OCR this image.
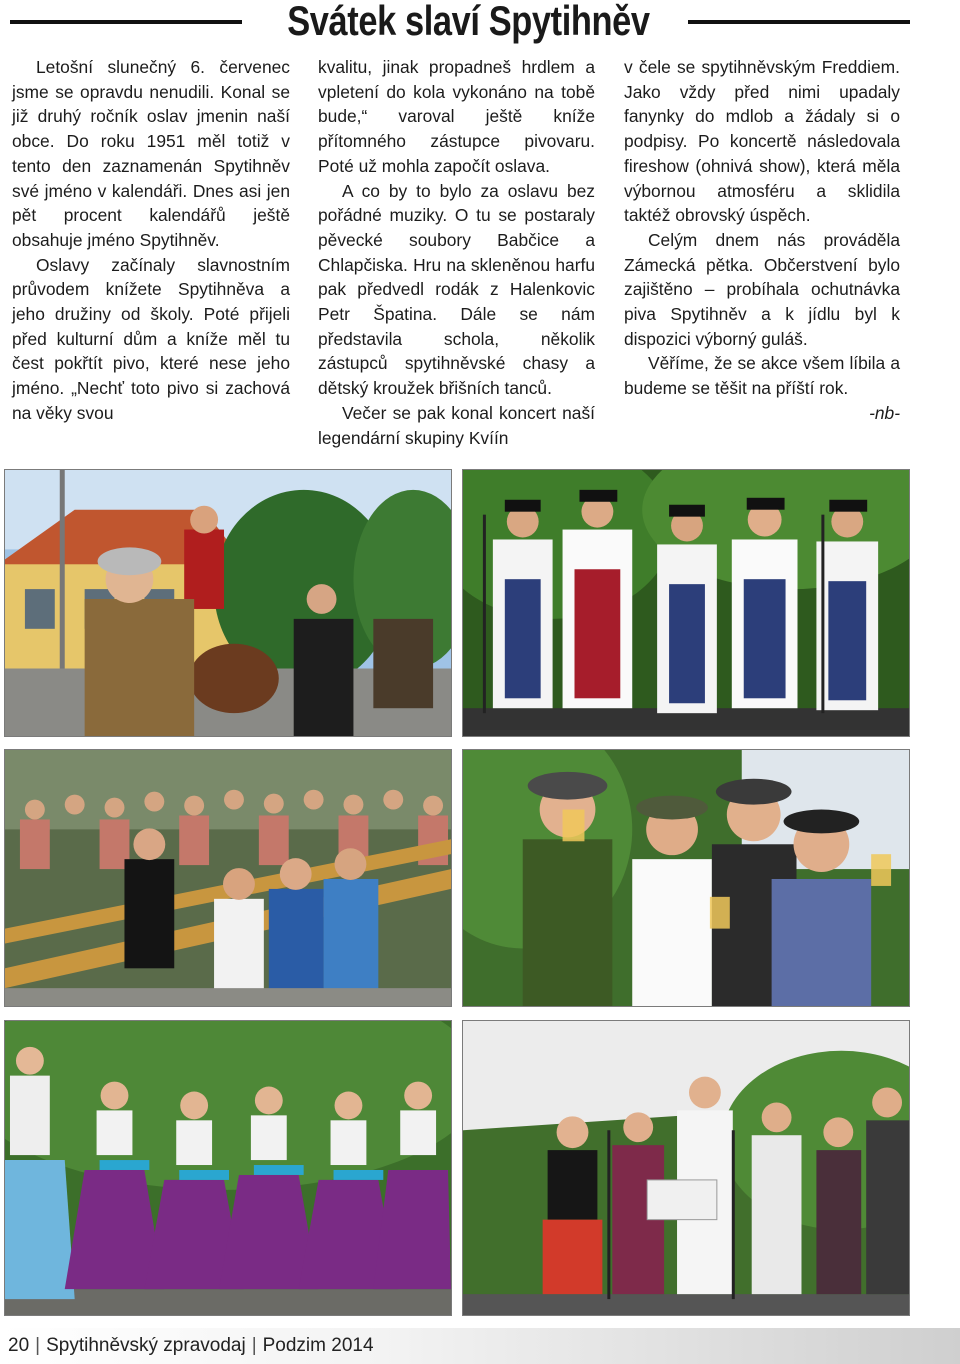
Svátek slaví Spytihněv

Letošní slunečný 6. červenec jsme se opravdu nenudili. Konal se již druhý ročník oslav jmenin naší obce. Do roku 1951 měl totiž v tento den zaznamenán Spytihněv své jméno v kalendáři. Dnes asi jen pět procent kalendářů ještě obsahuje jméno Spytihněv.

Oslavy začínaly slavnostním průvodem knížete Spytihněva a jeho družiny od školy. Poté přijeli před kulturní dům a kníže měl tu čest pokřtít pivo, které nese jeho jméno. „Nechť toto pivo si zachová na věky svou

kvalitu, jinak propadneš hrdlem a vpletení do kola vykonáno na tobě bude,“ varoval ještě kníže přítomného zástupce pivovaru. Poté už mohla započít oslava.

A co by to bylo za oslavu bez pořádné muziky. O tu se postaraly pěvecké soubory Babčice a Chlapčiska. Hru na skleněnou harfu pak předvedl rodák z Halenkovic Petr Špatina. Dále se nám představila schola, několik zástupců spytihněvské chasy a dětský kroužek břišních tanců.

Večer se pak konal koncert naší legendární skupiny Kvíín

v čele se spytihněvským Freddiem. Jako vždy před nimi upadaly fanynky do mdlob a žádaly si o podpisy. Po koncertě následovala fireshow (ohnivá show), která měla výbornou atmosféru a sklidila taktéž obrovský úspěch.

Celým dnem nás prováděla Zámecká pětka. Občerstvení bylo zajištěno – probíhala ochutnávka piva Spytihněv a k jídlu byl k dispozici výborný guláš.

Věříme, že se akce všem líbila a budeme se těšit na příští rok.

-nb-

20 | Spytihněvský zpravodaj | Podzim 2014
